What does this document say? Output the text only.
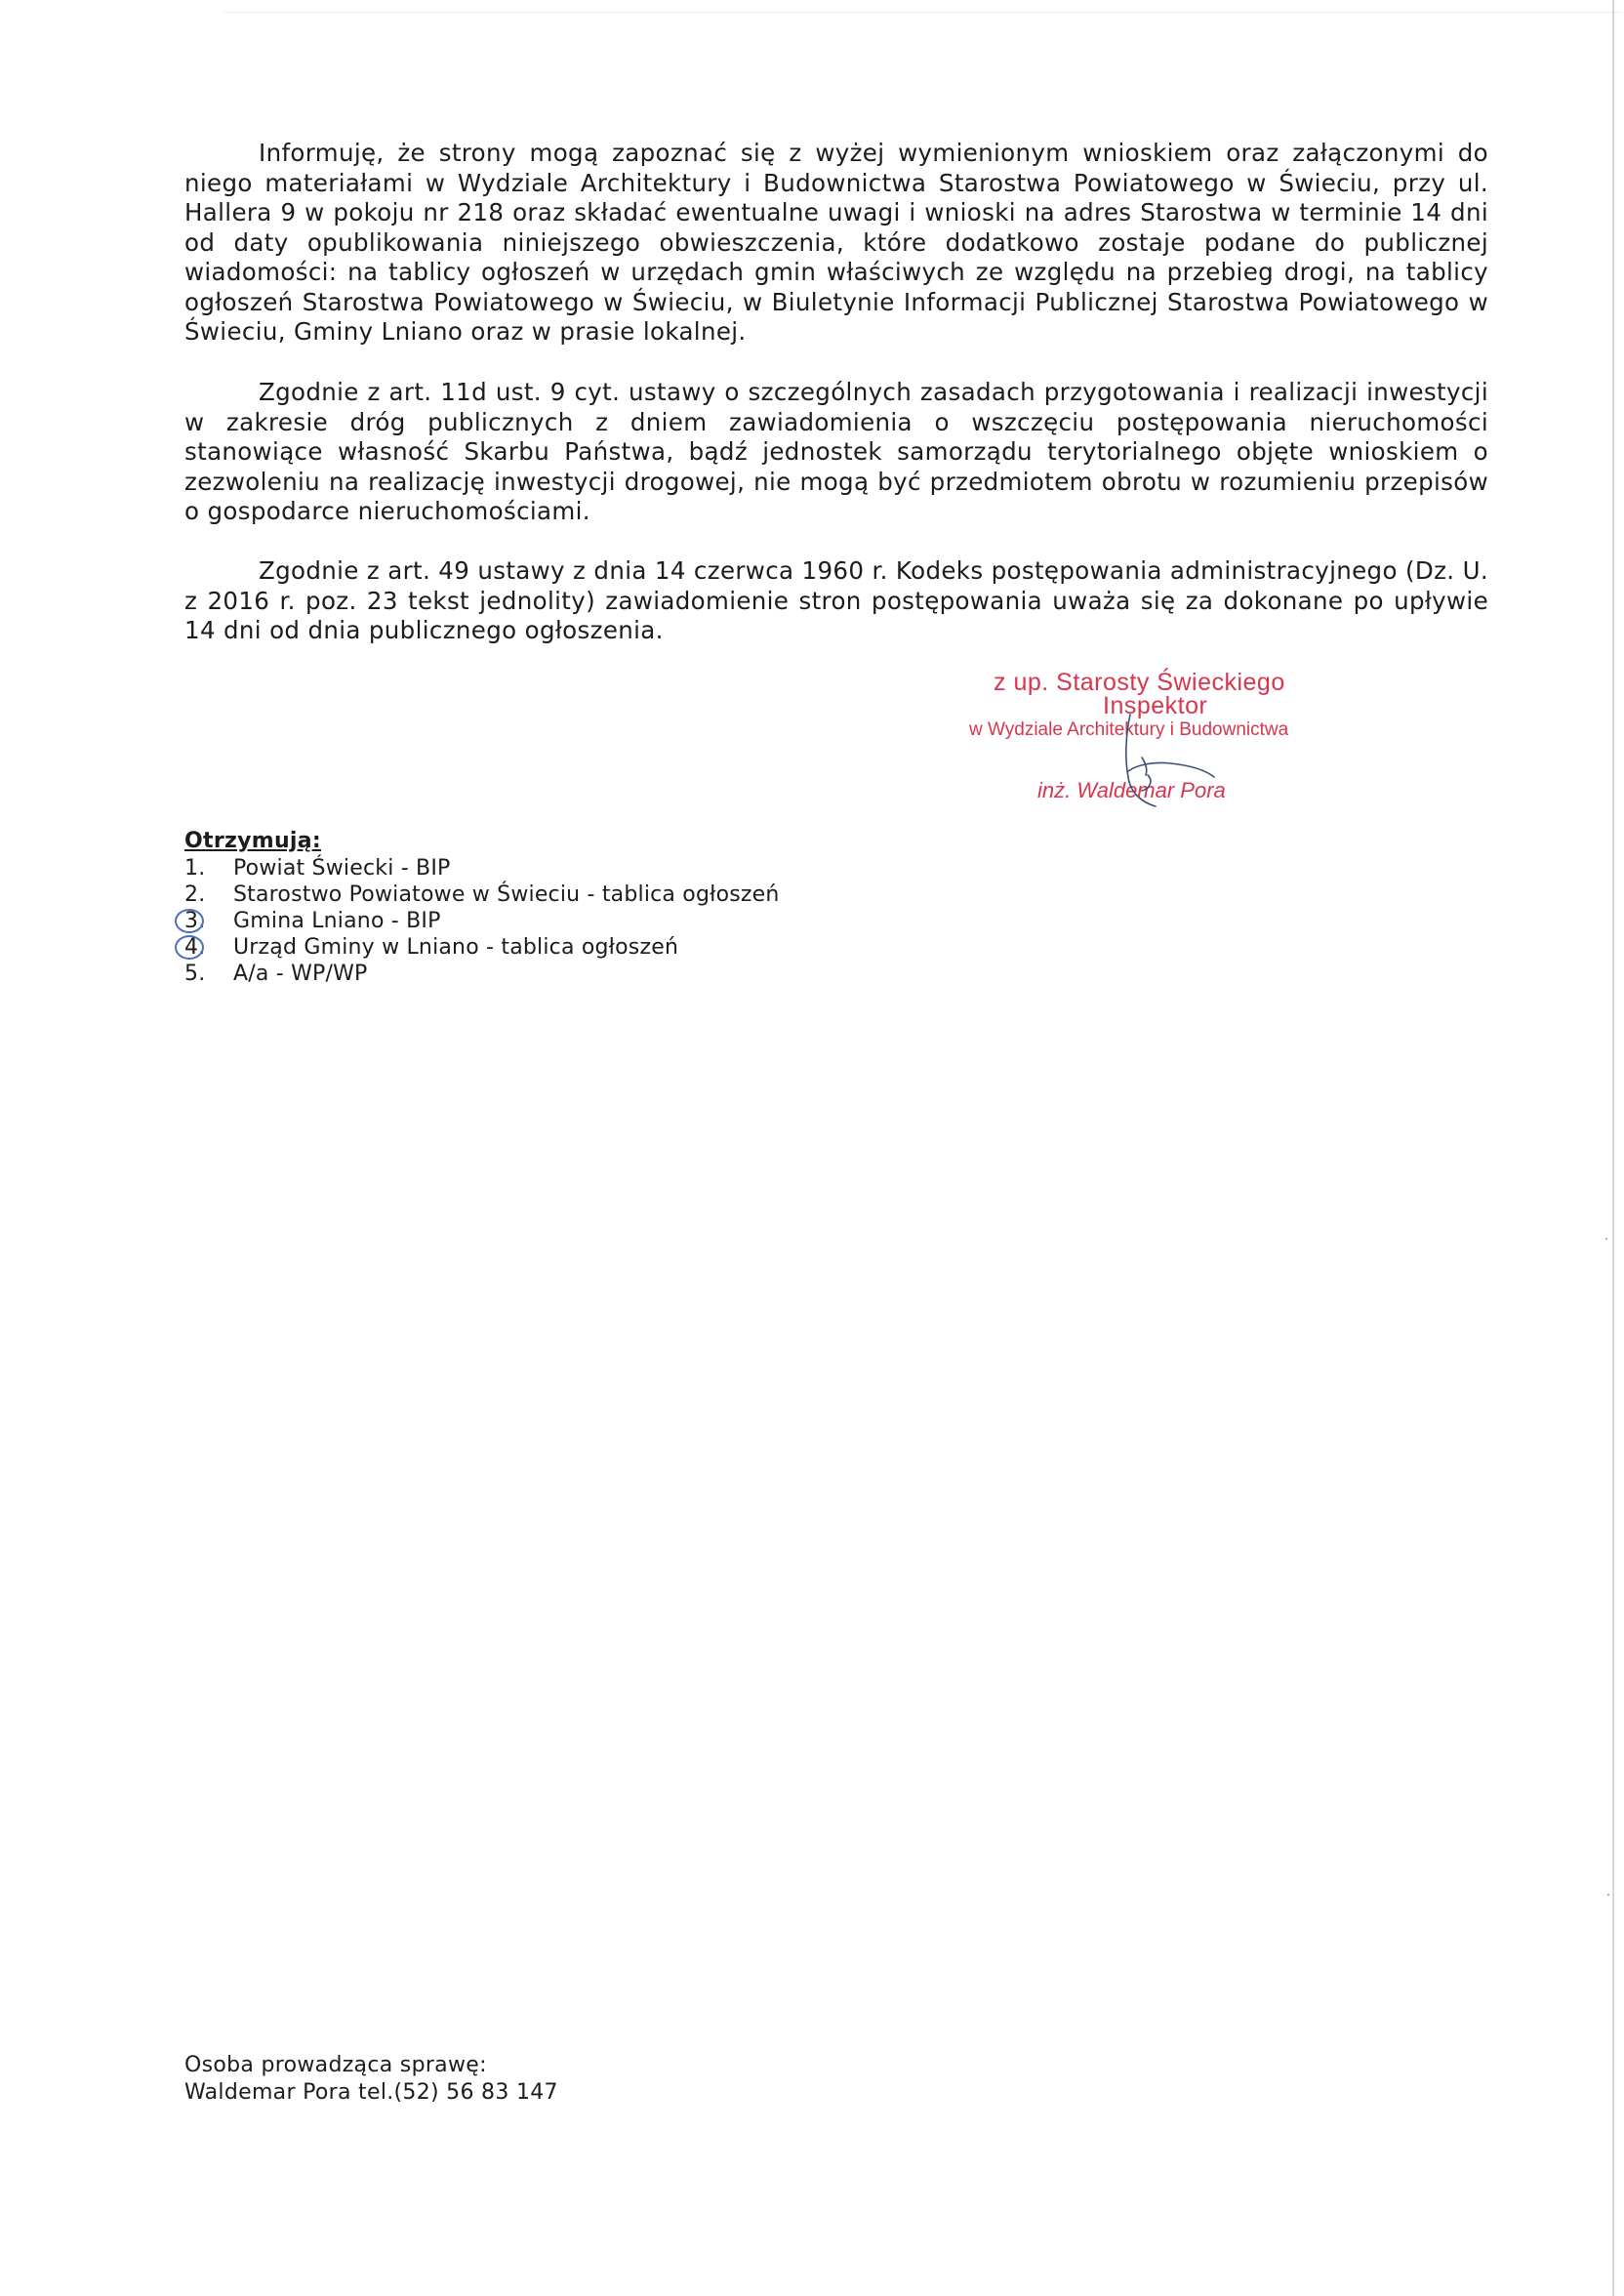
Informuję, że strony mogą zapoznać się z wyżej wymienionym wnioskiem oraz załączonymi do niego materiałami w Wydziale Architektury i Budownictwa Starostwa Powiatowego w Świeciu, przy ul. Hallera 9 w pokoju nr 218 oraz składać ewentualne uwagi i wnioski na adres Starostwa w terminie 14 dni od daty opublikowania niniejszego obwieszczenia, które dodatkowo zostaje podane do publicznej wiadomości: na tablicy ogłoszeń w urzędach gmin właściwych ze względu na przebieg drogi, na tablicy ogłoszeń Starostwa Powiatowego w Świeciu, w Biuletynie Informacji Publicznej Starostwa Powiatowego w Świeciu, Gminy Lniano oraz w prasie lokalnej.

Zgodnie z art. 11d ust. 9 cyt. ustawy o szczególnych zasadach przygotowania i realizacji inwestycji w zakresie dróg publicznych z dniem zawiadomienia o wszczęciu postępowania nieruchomości stanowiące własność Skarbu Państwa, bądź jednostek samorządu terytorialnego objęte wnioskiem o zezwoleniu na realizację inwestycji drogowej, nie mogą być przedmiotem obrotu w rozumieniu przepisów o gospodarce nieruchomościami.

Zgodnie z art. 49 ustawy z dnia 14 czerwca 1960 r. Kodeks postępowania administracyjnego (Dz. U. z 2016 r. poz. 23 tekst jednolity) zawiadomienie stron postępowania uważa się za dokonane po upływie 14 dni od dnia publicznego ogłoszenia.

z up. Starosty Świeckiego
Inspektor
w Wydziale Architektury i Budownictwa
inż. Waldemar Pora
Otrzymują:
1. Powiat Świecki - BIP
2. Starostwo Powiatowe w Świeciu - tablica ogłoszeń
3. Gmina Lniano - BIP
4. Urząd Gminy w Lniano - tablica ogłoszeń
5. A/a - WP/WP
Osoba prowadząca sprawę:
Waldemar Pora tel.(52) 56 83 147
